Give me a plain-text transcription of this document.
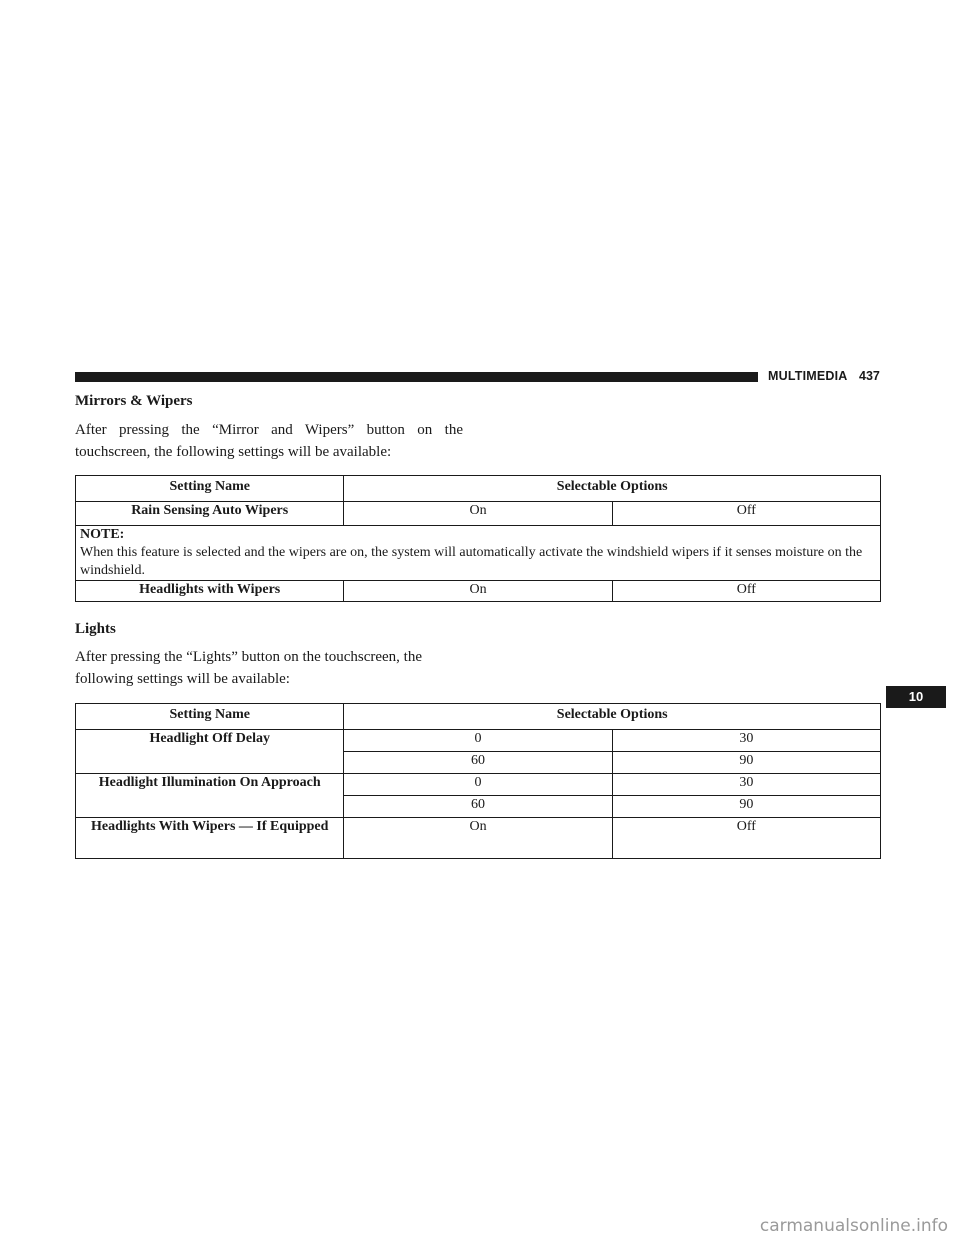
MULTIMEDIA 437
Mirrors & Wipers
After pressing the “Mirror and Wipers” button on the touchscreen, the following settings will be available:
Setting Name	Selectable Options	
Rain Sensing Auto Wipers	On	Off

NOTE:
When this feature is selected and the wipers are on, the system will automatically activate the windshield wipers if it senses moisture on the windshield.		
Headlights with Wipers	On	Off
Lights
After pressing the “Lights” button on the touchscreen, the following settings will be available:
Setting Name	Selectable Options	
Headlight Off Delay	0	30
	60	90
Headlight Illumination On Approach	0	30
	60	90
Headlights With Wipers — If Equipped	On	Off
10
carmanualsonline.info
